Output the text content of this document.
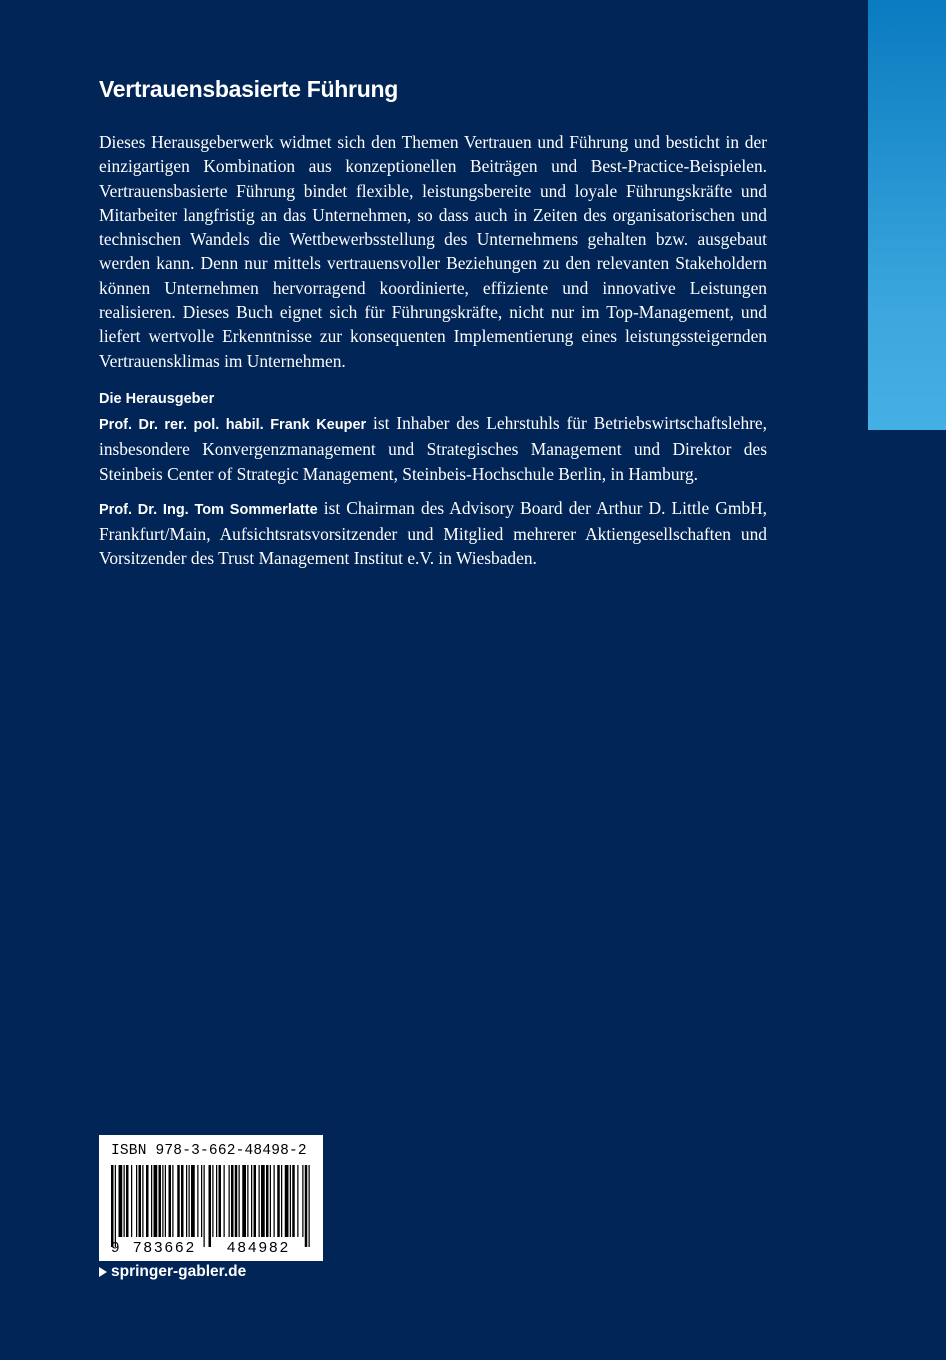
Vertrauensbasierte Führung

Dieses Herausgeberwerk widmet sich den Themen Vertrauen und Führung und besticht in der einzigartigen Kombination aus konzeptionellen Beiträgen und Best-Practice-Beispielen. Vertrauensbasierte Führung bindet flexible, leistungsbereite und loyale Führungskräfte und Mitarbeiter langfristig an das Unternehmen, so dass auch in Zeiten des organisatorischen und technischen Wandels die Wettbewerbsstellung des Unternehmens gehalten bzw. ausgebaut werden kann. Denn nur mittels vertrauensvoller Beziehungen zu den relevanten Stakeholdern können Unternehmen hervorragend koordinierte, effiziente und innovative Leistungen realisieren. Dieses Buch eignet sich für Führungskräfte, nicht nur im Top-Management, und liefert wertvolle Erkenntnisse zur konsequenten Implementierung eines leistungssteigernden Vertrauensklimas im Unternehmen.

Die Herausgeber

Prof. Dr. rer. pol. habil. Frank Keuper ist Inhaber des Lehrstuhls für Betriebswirtschaftslehre, insbesondere Konvergenzmanagement und Strategisches Management und Direktor des Steinbeis Center of Strategic Management, Steinbeis-Hochschule Berlin, in Hamburg.

Prof. Dr. Ing. Tom Sommerlatte ist Chairman des Advisory Board der Arthur D. Little GmbH, Frankfurt/Main, Aufsichtsratsvorsitzender und Mitglied mehrerer Aktiengesellschaften und Vorsitzender des Trust Management Institut e.V. in Wiesbaden.

ISBN 978-3-662-48498-2
9 783662 484982
springer-gabler.de
